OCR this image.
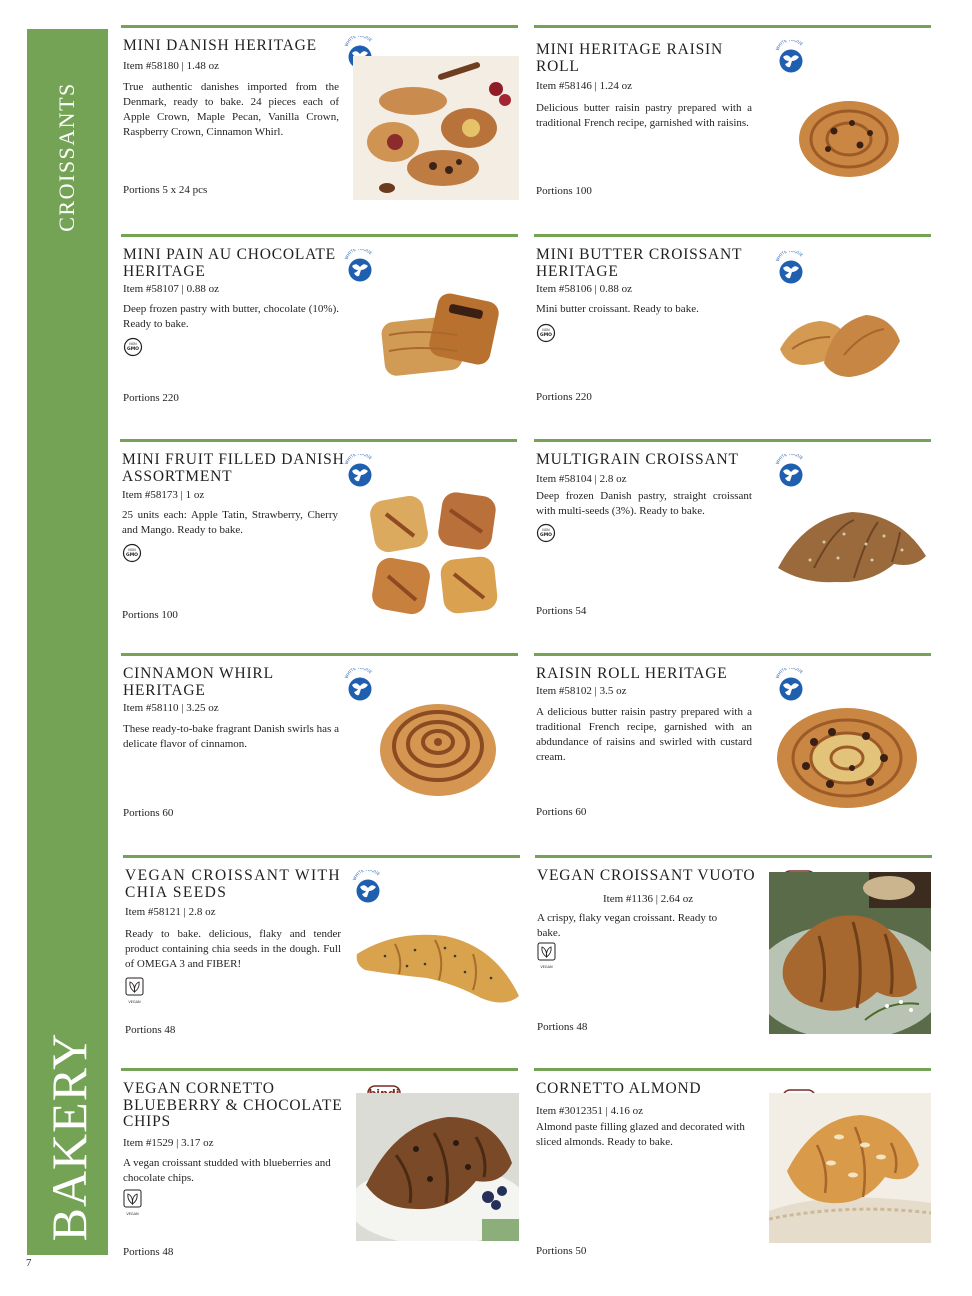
CROISSANTS
BAKERY
7
MINI DANISH HERITAGE
Item #58180 | 1.48 oz
True authentic danishes imported from the Denmark, ready to bake. 24 pieces each of Apple Crown, Maple Pecan, Vanilla Crown, Raspberry Crown, Cinnamon Whirl.
Portions 5 x 24 pcs
MINI HERITAGE RAISIN ROLL
Item #58146 | 1.24 oz
Delicious butter raisin pastry prepared with a traditional French recipe, garnished with raisins.
Portions 100
MINI PAIN AU CHOCOLATE HERITAGE
Item #58107 | 0.88 oz
Deep frozen pastry with butter, chocolate (10%). Ready to bake.
NON
GMO
Portions 220
MINI BUTTER CROISSANT HERITAGE
Item #58106 | 0.88 oz
Mini butter croissant. Ready to bake.
NON
GMO
Portions 220
MINI FRUIT FILLED DANISH ASSORTMENT
Item #58173 | 1 oz
25 units each: Apple Tatin, Strawberry, Cherry and Mango. Ready to bake.
NON
GMO
Portions 100
MULTIGRAIN CROISSANT
Item #58104 | 2.8 oz
Deep frozen Danish pastry, straight croissant with multi-seeds (3%). Ready to bake.
NON
GMO
Portions 54
CINNAMON WHIRL HERITAGE
Item #58110 | 3.25 oz
These ready-to-bake fragrant Danish swirls has a delicate flavor of cinnamon.
Portions 60
RAISIN ROLL HERITAGE
Item #58102 | 3.5 oz
A delicious butter raisin pastry prepared with a traditional French recipe, garnished with an abdundance of raisins and swirled with custard cream.
Portions 60
VEGAN CROISSANT WITH CHIA SEEDS
Item #58121 | 2.8 oz
Ready to bake. delicious, flaky and tender product containing chia seeds in the dough. Full of OMEGA 3 and FIBER!
VEGAN
Portions 48
VEGAN CROISSANT VUOTO
Item #1136 | 2.64 oz
A crispy, flaky vegan croissant. Ready to bake.
VEGAN
Portions 48
VEGAN CORNETTO BLUEBERRY & CHOCOLATE CHIPS
Item #1529 | 3.17 oz
A vegan croissant studded with blueberries and chocolate chips.
VEGAN
Portions 48
CORNETTO ALMOND
Item #3012351 | 4.16 oz
Almond paste filling glazed and decorated with sliced almonds. Ready to bake.
Portions 50
